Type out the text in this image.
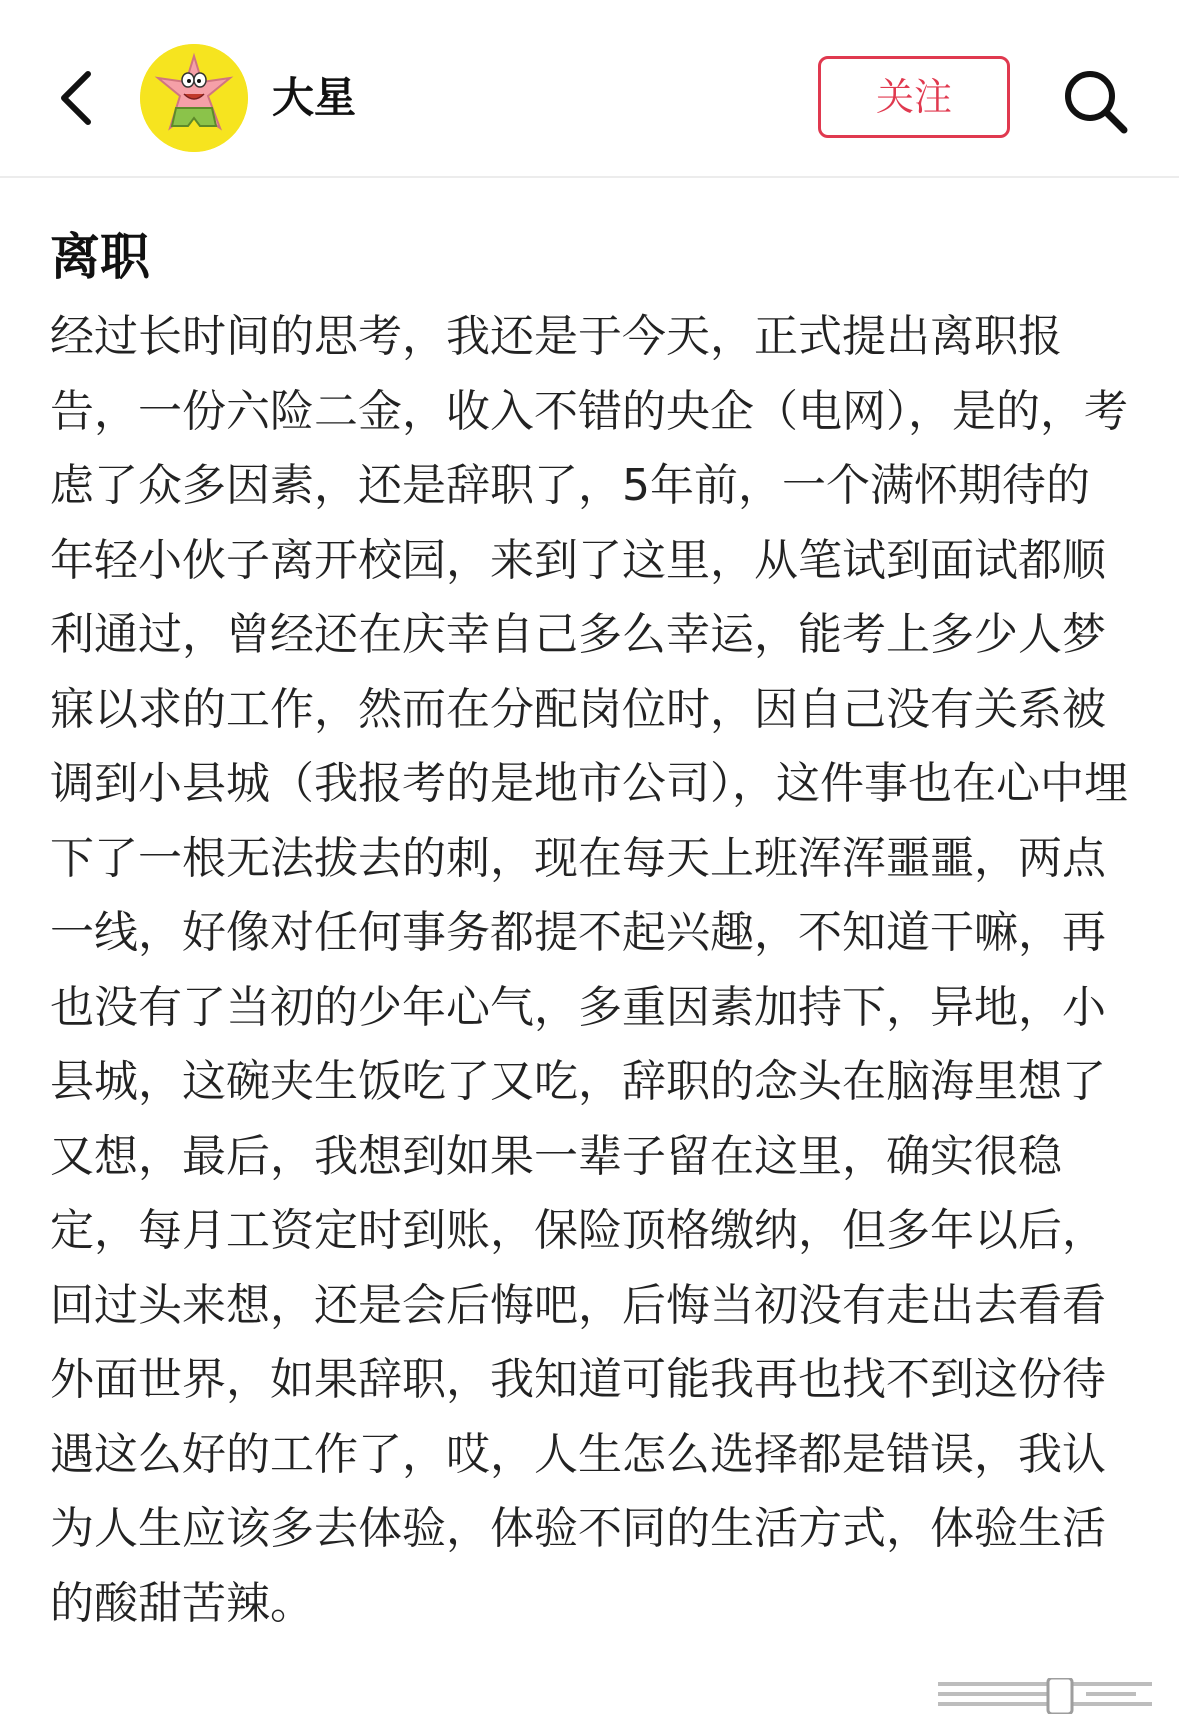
大星	关注
离职

经过长时间的思考，我还是于今天，正式提出离职报告，一份六险二金，收入不错的央企（电网），是的，考虑了众多因素，还是辞职了，5年前，一个满怀期待的年轻小伙子离开校园，来到了这里，从笔试到面试都顺利通过，曾经还在庆幸自己多么幸运，能考上多少人梦寐以求的工作，然而在分配岗位时，因自己没有关系被调到小县城（我报考的是地市公司），这件事也在心中埋下了一根无法拔去的刺，现在每天上班浑浑噩噩，两点一线，好像对任何事务都提不起兴趣，不知道干嘛，再也没有了当初的少年心气，多重因素加持下，异地，小县城，这碗夹生饭吃了又吃，辞职的念头在脑海里想了又想，最后，我想到如果一辈子留在这里，确实很稳定，每月工资定时到账，保险顶格缴纳，但多年以后，回过头来想，还是会后悔吧，后悔当初没有走出去看看外面世界，如果辞职，我知道可能我再也找不到这份待遇这么好的工作了，哎，人生怎么选择都是错误，我认为人生应该多去体验，体验不同的生活方式，体验生活的酸甜苦辣。
